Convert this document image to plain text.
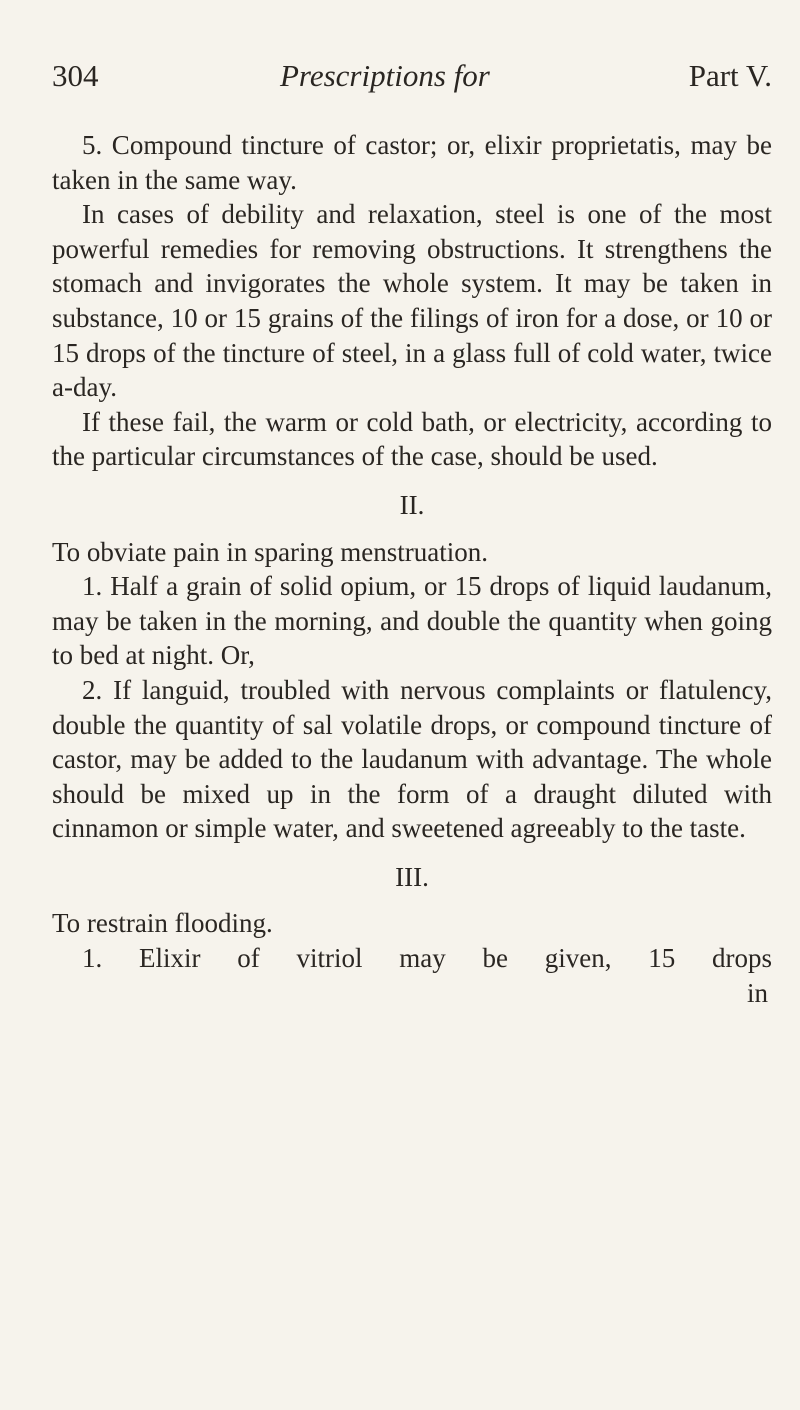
304	Prescriptions for	Part V.

5. Compound tincture of castor; or, elixir proprietatis, may be taken in the same way.

In cases of debility and relaxation, steel is one of the most powerful remedies for removing obstructions. It strengthens the stomach and invigorates the whole system. It may be taken in substance, 10 or 15 grains of the filings of iron for a dose, or 10 or 15 drops of the tincture of steel, in a glass full of cold water, twice a-day.

If these fail, the warm or cold bath, or electricity, according to the particular circumstances of the case, should be used.

II.

To obviate pain in sparing menstruation.

1. Half a grain of solid opium, or 15 drops of liquid laudanum, may be taken in the morning, and double the quantity when going to bed at night. Or,

2. If languid, troubled with nervous complaints or flatulency, double the quantity of sal volatile drops, or compound tincture of castor, may be added to the laudanum with advantage. The whole should be mixed up in the form of a draught diluted with cinnamon or simple water, and sweetened agreeably to the taste.

III.

To restrain flooding.

1. Elixir of vitriol may be given, 15 drops

in
